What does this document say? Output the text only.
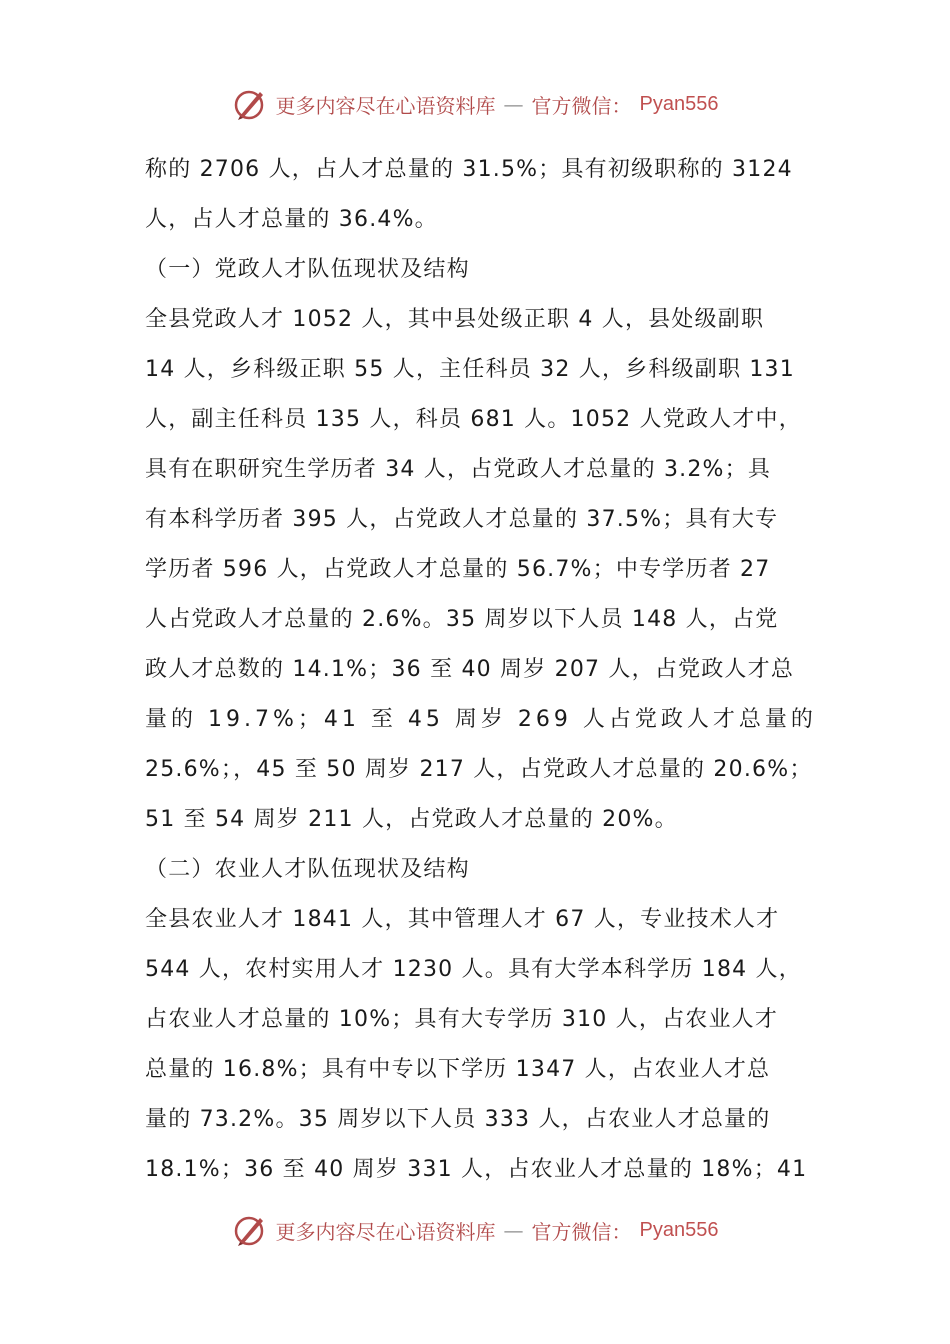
更多内容尽在心语资料库 — 官方微信： Pyan556
称的 2706 人，占人才总量的 31.5%；具有初级职称的 3124
人，占人才总量的 36.4%。
（一）党政人才队伍现状及结构
全县党政人才 1052 人，其中县处级正职 4 人，县处级副职
14 人，乡科级正职 55 人，主任科员 32 人，乡科级副职 131
人，副主任科员 135 人，科员 681 人。1052 人党政人才中，
具有在职研究生学历者 34 人，占党政人才总量的 3.2%；具
有本科学历者 395 人，占党政人才总量的 37.5%；具有大专
学历者 596 人，占党政人才总量的 56.7%；中专学历者 27
人占党政人才总量的 2.6%。35 周岁以下人员 148 人，占党
政人才总数的 14.1%；36 至 40 周岁 207 人，占党政人才总
量的 19.7%；41 至 45 周岁 269 人占党政人才总量的
25.6%；，45 至 50 周岁 217 人，占党政人才总量的 20.6%；
51 至 54 周岁 211 人，占党政人才总量的 20%。
（二）农业人才队伍现状及结构
全县农业人才 1841 人，其中管理人才 67 人，专业技术人才
544 人，农村实用人才 1230 人。具有大学本科学历 184 人，
占农业人才总量的 10%；具有大专学历 310 人，占农业人才
总量的 16.8%；具有中专以下学历 1347 人，占农业人才总
量的 73.2%。35 周岁以下人员 333 人，占农业人才总量的
18.1%；36 至 40 周岁 331 人，占农业人才总量的 18%；41
更多内容尽在心语资料库 — 官方微信： Pyan556
